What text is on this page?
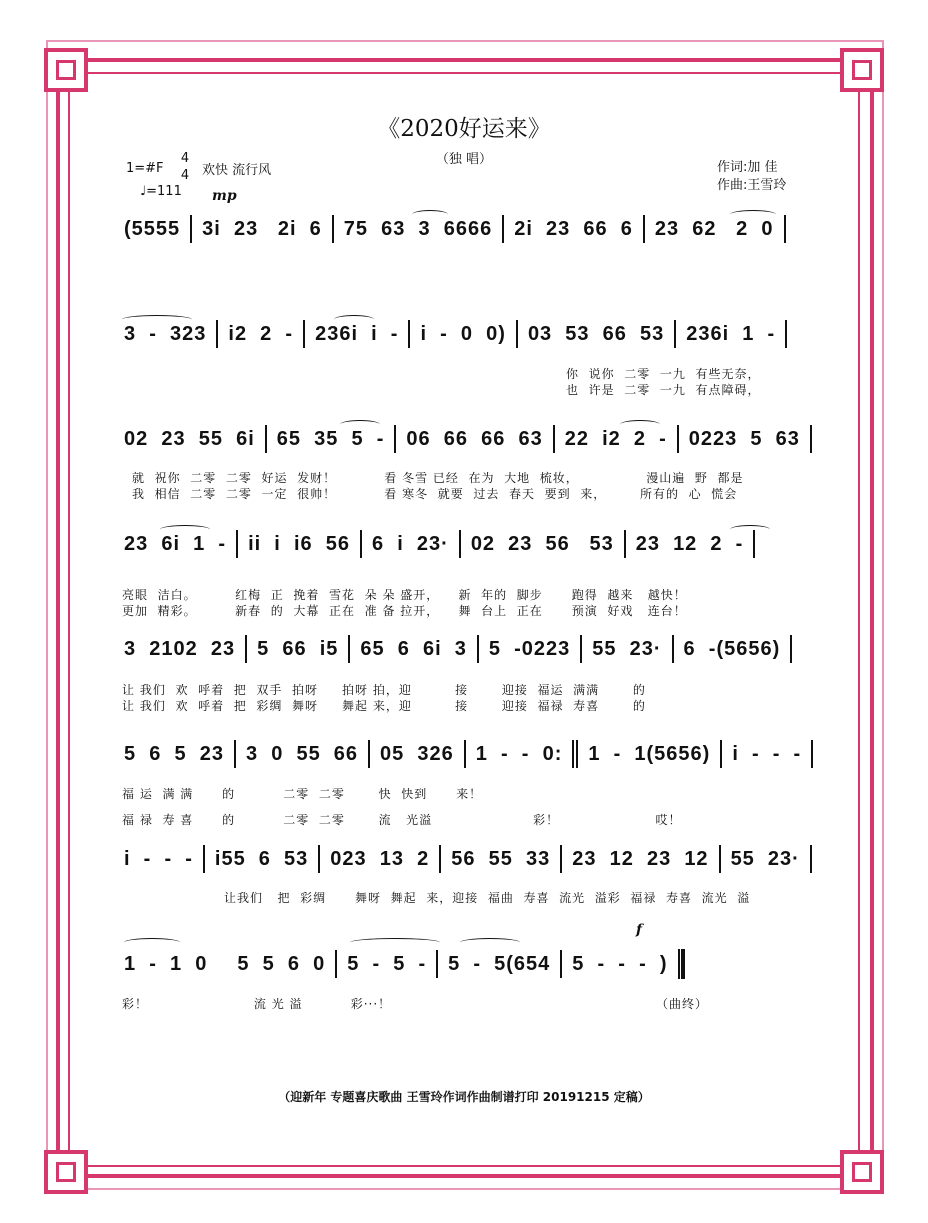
《2020好运来》
（独 唱）
1=#F
4
4 欢快 流行风
♩=111 mp
f
作词:加 佳
作曲:王雪玲
(5555 3i  23   2i  6 75  63  3  6666 2i  23  66  6 23  62   2  0
3  -  323 i2  2  - 236i  i  - i  -  0  0) 03  53  66  53 236i  1  -
02  23  55  6i 65  35  5  - 06  66  66  63 22  i2  2  - 0223  5  63
23  6i  1  - ii  i  i6  56 6  i  23· 02  23  56   53 23  12  2  -
3  2102  23 5  66  i5 65  6  6i  3 5  -0223 55  23· 6  -(5656)
5  6  5  23 3  0  55  66 05  326 1  -  -  0: 1  -  1(5656) i  -  -  -
i  -  -  - i55  6  53 023  13  2 56  55  33 23  12  23  12 55  23·
1  -  1  0 5  5  6  0 5  -  5  - 5  -  5(654 5  -  -  -  )
你  说你  二零  一九  有些无奈，
也  许是  二零  一九  有点障碍，
就  祝你  二零  二零  好运  发财！          看 冬雪 已经  在为  大地  梳妆，              漫山遍  野  都是
我  相信  二零  二零  一定  很帅！          看 寒冬  就要  过去  春天  要到  来，       所有的  心  慌会
亮眼  洁白。        红梅  正  挽着  雪花  朵 朵 盛开，    新  年的  脚步      跑得  越来   越快！
更加  精彩。        新春  的  大幕  正在  准 备 拉开，    舞  台上  正在      预演  好戏   连台！
让 我们  欢  呼着  把  双手  拍呀     拍呀 拍，迎         接       迎接  福运  满满       的
让 我们  欢  呼着  把  彩绸  舞呀     舞起 来，迎         接       迎接  福禄  寿喜       的
福 运  满 满      的          二零  二零       快  快到      来！
福 禄  寿 喜      的          二零  二零       流   光溢                     彩！                    哎！
让我们   把  彩绸      舞呀  舞起  来，迎接  福曲  寿喜  流光  溢彩  福禄  寿喜  流光  溢
彩！                      流 光 溢          彩···！	（曲终）
（迎新年 专题喜庆歌曲 王雪玲作词作曲制谱打印 20191215 定稿）
